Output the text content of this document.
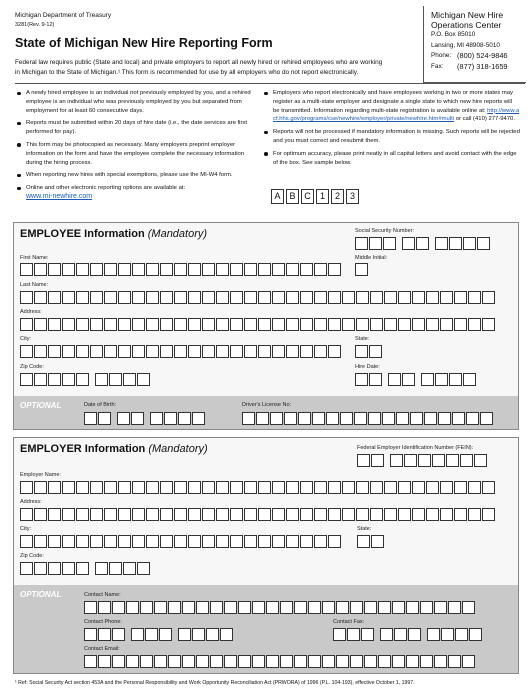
Michigan Department of Treasury
3281(Rev. 9-12)
State of Michigan New Hire Reporting Form
Federal law requires public (State and local) and private employers to report all newly hired or rehired employees who are working
in Michigan to the State of Michigan.¹ This form is recommended for use by all employers who do not report electronically.
Michigan New Hire
Operations Center
P.O. Box 85010
Lansing, MI 48908-5010
Phone: (800) 524-9846
Fax:	(877) 318-1659
A newly hired employee is an individual not previously employed by you, and a rehired employee is an individual who was previously employed by you but separated from employment for at least 60 consecutive days.
Reports must be submitted within 20 days of hire date (i.e., the date services are first performed for pay).
This form may be photocopied as necessary. Many employers preprint employer information on the form and have the employee complete the necessary information during the hiring process.
When reporting new hires with special exemptions, please use the MI-W4 form.
Online and other electronic reporting options are available at:
www.mi-newhire.com
Employers who report electronically and have employees working in two or more states may register as a multi-state employer and designate a single state to which new hire reports will be transmitted. Information regarding multi-state registration is available online at: http://www.acf.hhs.gov/programs/cse/newhire/employer/private/newhire.htm#multi or call (410) 277-9470.
Reports will not be processed if mandatory information is missing. Such reports will be rejected and you must correct and resubmit them.
For optimum accuracy, please print neatly in all capital letters and avoid contact with the edge of the box. See sample below.
A B C	1	2	3
EMPLOYEE Information (Mandatory)	Social Security Number:
First Name:	Middle Initial:
Last Name:
Address:
City:	State:
Zip Code:	Hire Date:
OPTIONAL	Date of Birth:	Driver's License No:
EMPLOYER Information (Mandatory)	Federal Employer Identification Number (FEIN):
Employer Name:
Address:
City:	State:
Zip Code:
OPTIONAL	Contact Name:
Contact Phone:	Contact Fax:
Contact Email:
¹ Ref: Social Security Act section 453A and the Personal Responsibility and Work Opportunity Reconciliation Act (PRWORA) of 1996 (P.L. 104-193), effective October 1, 1997.
